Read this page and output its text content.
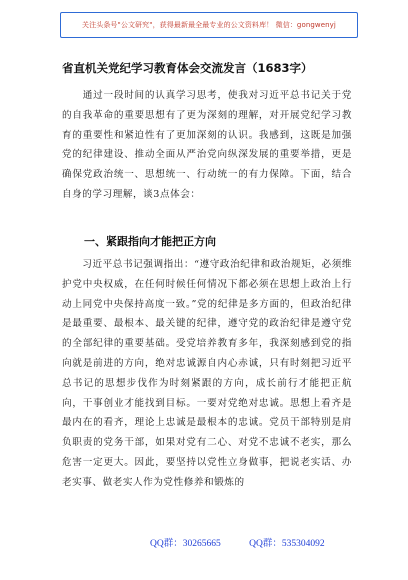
关注头条号"公文研究"，获得最新最全最专业的公文资料库！ 微信：gongwenyj
省直机关党纪学习教育体会交流发言（1683字）

　　通过一段时间的认真学习思考，使我对习近平总书记关于党的自我革命的重要思想有了更为深刻的理解，对开展党纪学习教育的重要性和紧迫性有了更加深刻的认识。我感到，这既是加强党的纪律建设、推动全面从严治党向纵深发展的重要举措，更是确保党政治统一、思想统一、行动统一的有力保障。下面，结合自身的学习理解，谈3点体会：

一、紧跟指向才能把正方向

　　习近平总书记强调指出：“遵守政治纪律和政治规矩，必须维护党中央权威，在任何时候任何情况下都必须在思想上政治上行动上同党中央保持高度一致。”党的纪律是多方面的，但政治纪律是最重要、最根本、最关键的纪律，遵守党的政治纪律是遵守党的全部纪律的重要基础。受党培养教育多年，我深刻感到党的指向就是前进的方向，绝对忠诚源自内心赤诚，只有时刻把习近平总书记的思想步伐作为时刻紧跟的方向，成长前行才能把正航向，干事创业才能找到目标。一要对党绝对忠诚。思想上看齐是最内在的看齐，理论上忠诚是最根本的忠诚。党员干部特别是肩负职责的党务干部，如果对党有二心、对党不忠诚不老实，那么危害一定更大。因此，要坚持以党性立身做事，把说老实话、办老实事、做老实人作为党性修养和锻炼的

QQ群：30265665	QQ群：535304092
